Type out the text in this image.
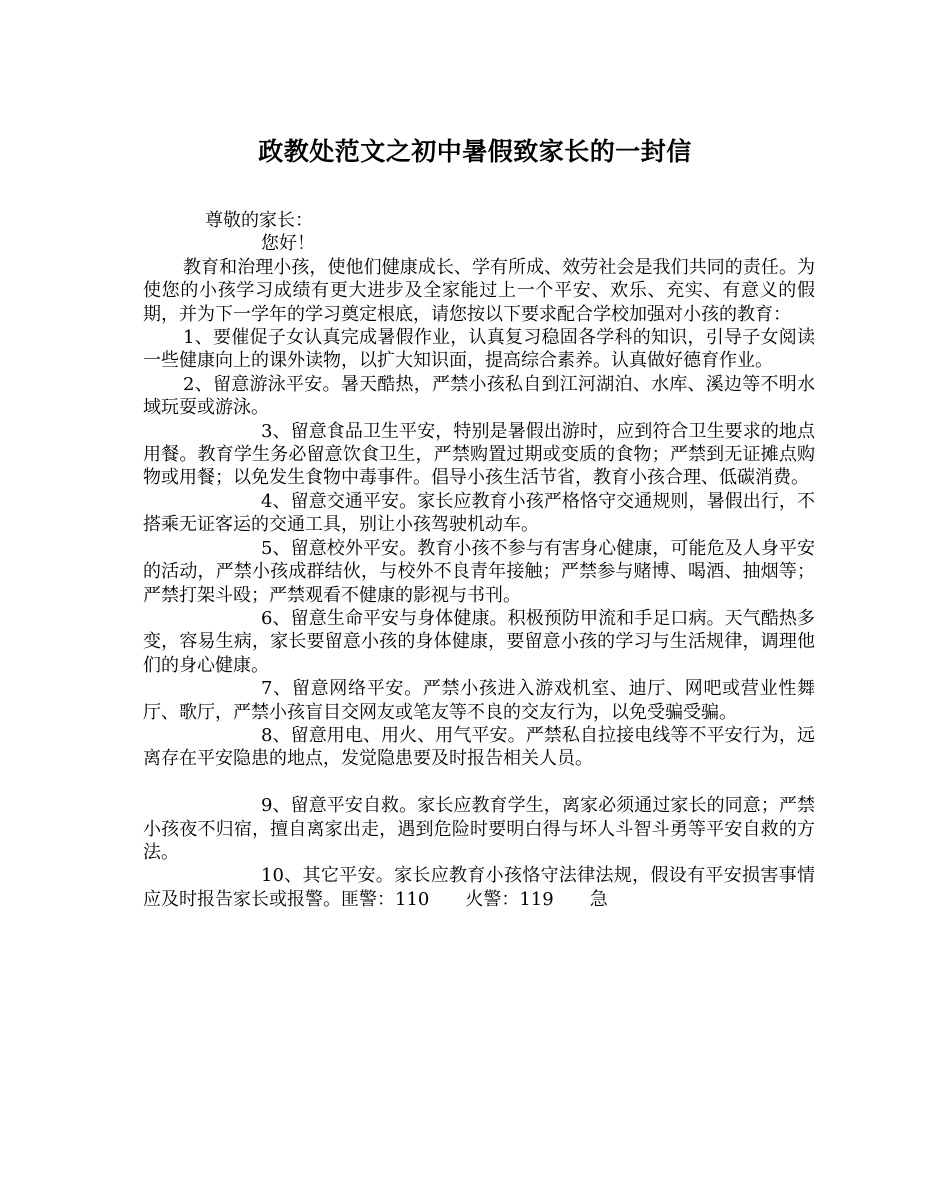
政教处范文之初中暑假致家长的一封信

尊敬的家长：

您好！

教育和治理小孩，使他们健康成长、学有所成、效劳社会是我们共同的责任。为使您的小孩学习成绩有更大进步及全家能过上一个平安、欢乐、充实、有意义的假期，并为下一学年的学习奠定根底，请您按以下要求配合学校加强对小孩的教育：

1、要催促子女认真完成暑假作业，认真复习稳固各学科的知识，引导子女阅读一些健康向上的课外读物，以扩大知识面，提高综合素养。认真做好德育作业。

2、留意游泳平安。暑天酷热，严禁小孩私自到江河湖泊、水库、溪边等不明水域玩耍或游泳。

3、留意食品卫生平安，特别是暑假出游时，应到符合卫生要求的地点用餐。教育学生务必留意饮食卫生，严禁购置过期或变质的食物；严禁到无证摊点购物或用餐；以免发生食物中毒事件。倡导小孩生活节省，教育小孩合理、低碳消费。

4、留意交通平安。家长应教育小孩严格恪守交通规则，暑假出行，不搭乘无证客运的交通工具，别让小孩驾驶机动车。

5、留意校外平安。教育小孩不参与有害身心健康，可能危及人身平安的活动，严禁小孩成群结伙，与校外不良青年接触；严禁参与赌博、喝酒、抽烟等；严禁打架斗殴；严禁观看不健康的影视与书刊。

6、留意生命平安与身体健康。积极预防甲流和手足口病。天气酷热多变，容易生病，家长要留意小孩的身体健康，要留意小孩的学习与生活规律，调理他们的身心健康。

7、留意网络平安。严禁小孩进入游戏机室、迪厅、网吧或营业性舞厅、歌厅，严禁小孩盲目交网友或笔友等不良的交友行为，以免受骗受骗。

8、留意用电、用火、用气平安。严禁私自拉接电线等不平安行为，远离存在平安隐患的地点，发觉隐患要及时报告相关人员。

9、留意平安自救。家长应教育学生，离家必须通过家长的同意；严禁小孩夜不归宿，擅自离家出走，遇到危险时要明白得与坏人斗智斗勇等平安自救的方法。

10、其它平安。家长应教育小孩恪守法律法规，假设有平安损害事情应及时报告家长或报警。匪警：110　　火警：119　　急
